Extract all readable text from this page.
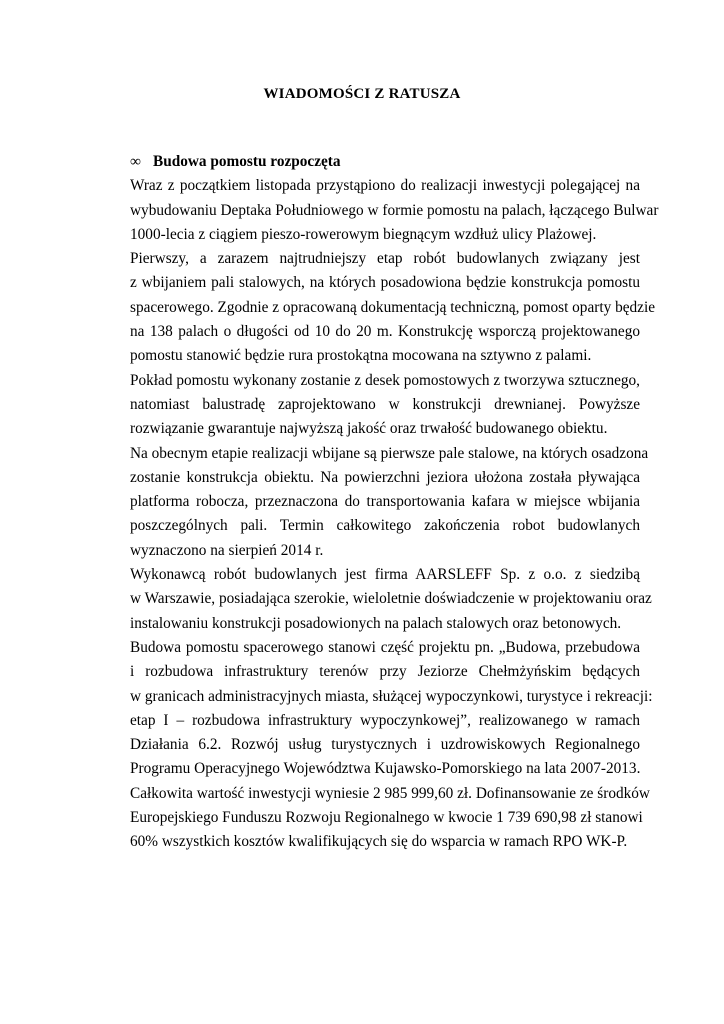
WIADOMOŚCI Z RATUSZA
∞ Budowa pomostu rozpoczęta
Wraz z początkiem listopada przystąpiono do realizacji inwestycji polegającej na
wybudowaniu Deptaka Południowego w formie pomostu na palach, łączącego Bulwar
1000-lecia z ciągiem pieszo-rowerowym biegnącym wzdłuż ulicy Plażowej.
Pierwszy, a zarazem najtrudniejszy etap robót budowlanych związany jest
z wbijaniem pali stalowych, na których posadowiona będzie konstrukcja pomostu
spacerowego. Zgodnie z opracowaną dokumentacją techniczną, pomost oparty będzie
na 138 palach o długości od 10 do 20 m. Konstrukcję wsporczą projektowanego
pomostu stanowić będzie rura prostokątna mocowana na sztywno z palami.
Pokład pomostu wykonany zostanie z desek pomostowych z tworzywa sztucznego,
natomiast balustradę zaprojektowano w konstrukcji drewnianej. Powyższe
rozwiązanie gwarantuje najwyższą jakość oraz trwałość budowanego obiektu.
Na obecnym etapie realizacji wbijane są pierwsze pale stalowe, na których osadzona
zostanie konstrukcja obiektu. Na powierzchni jeziora ułożona została pływająca
platforma robocza, przeznaczona do transportowania kafara w miejsce wbijania
poszczególnych pali. Termin całkowitego zakończenia robot budowlanych
wyznaczono na sierpień 2014 r.
Wykonawcą robót budowlanych jest firma AARSLEFF Sp. z o.o. z siedzibą
w Warszawie, posiadająca szerokie, wieloletnie doświadczenie w projektowaniu oraz
instalowaniu konstrukcji posadowionych na palach stalowych oraz betonowych.
Budowa pomostu spacerowego stanowi część projektu pn. „Budowa, przebudowa
i rozbudowa infrastruktury terenów przy Jeziorze Chełmżyńskim będących
w granicach administracyjnych miasta, służącej wypoczynkowi, turystyce i rekreacji:
etap I – rozbudowa infrastruktury wypoczynkowej”, realizowanego w ramach
Działania 6.2. Rozwój usług turystycznych i uzdrowiskowych Regionalnego
Programu Operacyjnego Województwa Kujawsko-Pomorskiego na lata 2007-2013.
Całkowita wartość inwestycji wyniesie 2 985 999,60 zł. Dofinansowanie ze środków
Europejskiego Funduszu Rozwoju Regionalnego w kwocie 1 739 690,98 zł stanowi
60% wszystkich kosztów kwalifikujących się do wsparcia w ramach RPO WK-P.
